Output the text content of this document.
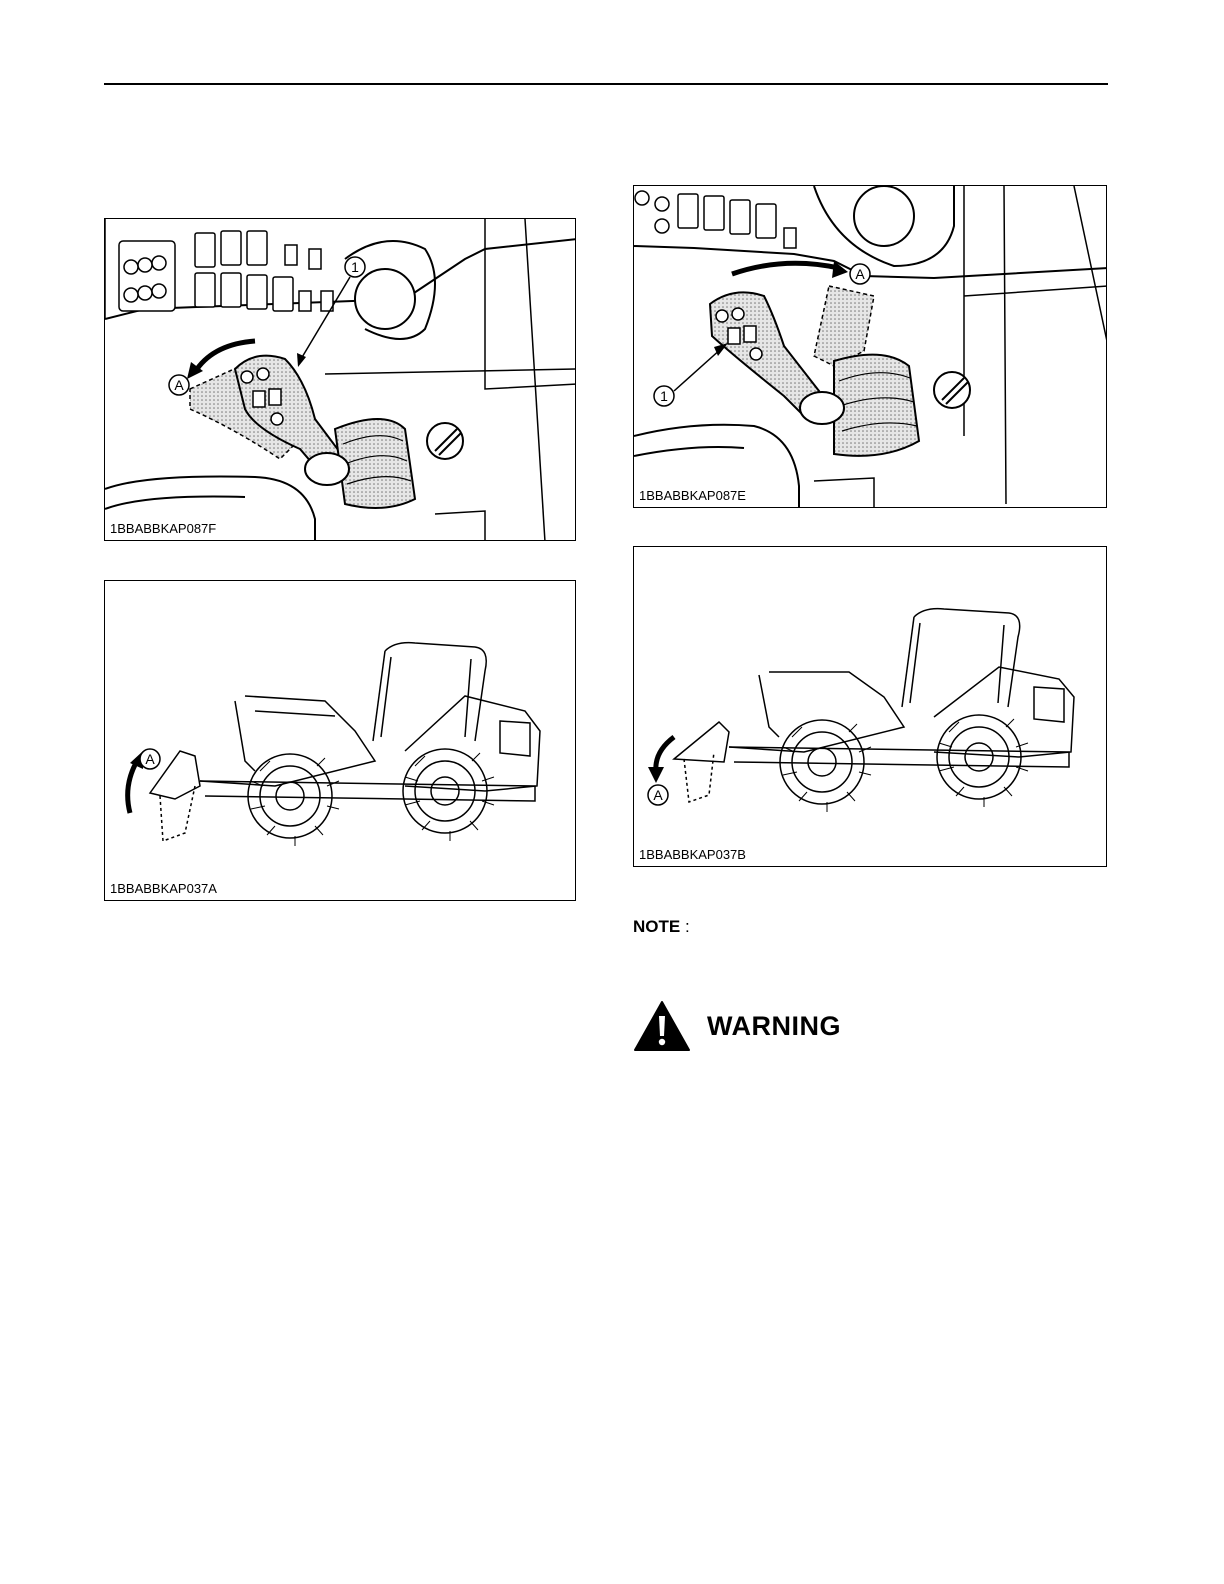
A
1
1BBABBKAP087F
A
1
1BBABBKAP087E
A
1BBABBKAP037A
A
1BBABBKAP037B
NOTE :
WARNING
